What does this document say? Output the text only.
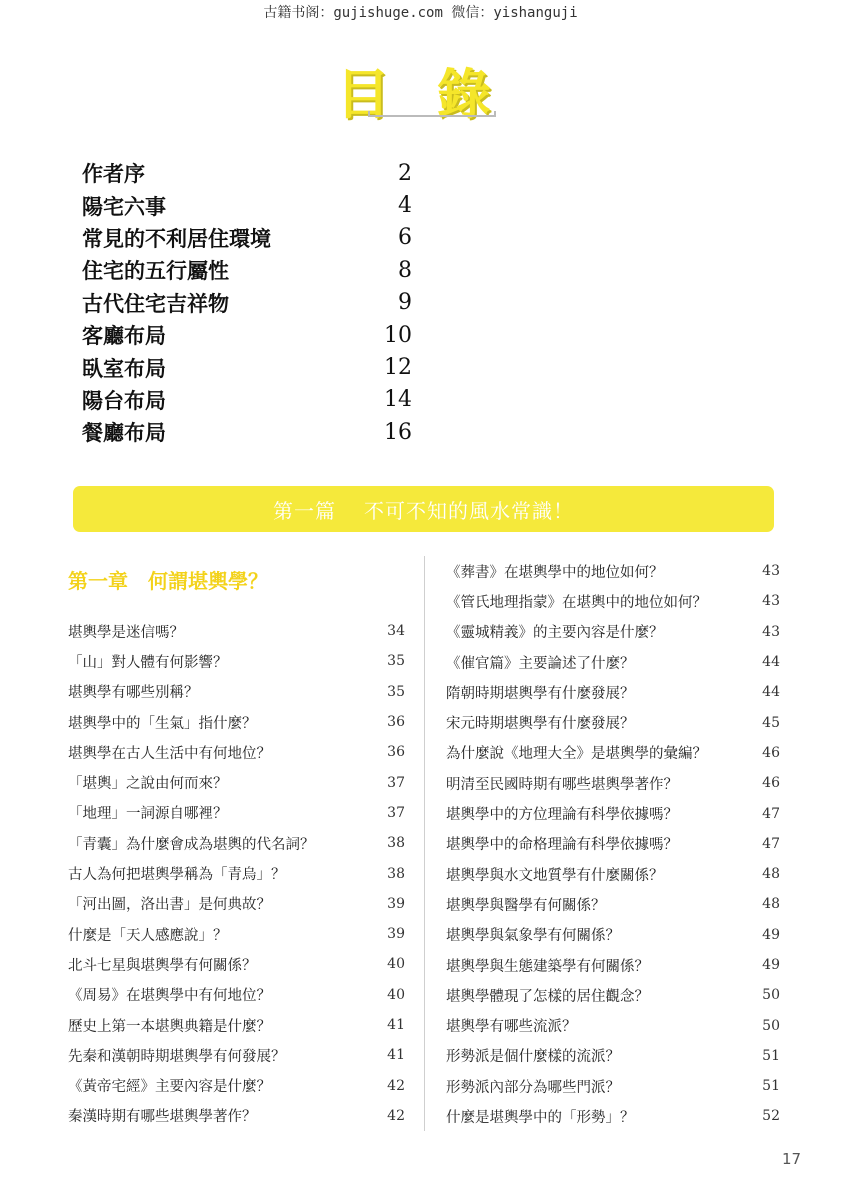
古籍书阁：gujishuge.com 微信：yishanguji
目 錄
作者序	2
陽宅六事	4
常見的不利居住環境	6
住宅的五行屬性	8
古代住宅吉祥物	9
客廳布局	10
臥室布局	12
陽台布局	14
餐廳布局	16
第一篇 不可不知的風水常識！
第一章　何謂堪輿學？
堪輿學是迷信嗎？	34
「山」對人體有何影響？	35
堪輿學有哪些別稱？	35
堪輿學中的「生氣」指什麼？	36
堪輿學在古人生活中有何地位？	36
「堪輿」之說由何而來？	37
「地理」一詞源自哪裡？	37
「青囊」為什麼會成為堪輿的代名詞？	38
古人為何把堪輿學稱為「青烏」？	38
「河出圖，洛出書」是何典故？	39
什麼是「天人感應說」？	39
北斗七星與堪輿學有何關係？	40
《周易》在堪輿學中有何地位？	40
歷史上第一本堪輿典籍是什麼？	41
先秦和漢朝時期堪輿學有何發展？	41
《黃帝宅經》主要內容是什麼？	42
秦漢時期有哪些堪輿學著作？	42
《葬書》在堪輿學中的地位如何？	43
《管氏地理指蒙》在堪輿中的地位如何？	43
《靈城精義》的主要內容是什麼？	43
《催官篇》主要論述了什麼？	44
隋朝時期堪輿學有什麼發展？	44
宋元時期堪輿學有什麼發展？	45
為什麼說《地理大全》是堪輿學的彙編？	46
明清至民國時期有哪些堪輿學著作？	46
堪輿學中的方位理論有科學依據嗎？	47
堪輿學中的命格理論有科學依據嗎？	47
堪輿學與水文地質學有什麼關係？	48
堪輿學與醫學有何關係？	48
堪輿學與氣象學有何關係？	49
堪輿學與生態建築學有何關係？	49
堪輿學體現了怎樣的居住觀念？	50
堪輿學有哪些流派？	50
形勢派是個什麼樣的流派？	51
形勢派內部分為哪些門派？	51
什麼是堪輿學中的「形勢」？	52
17
